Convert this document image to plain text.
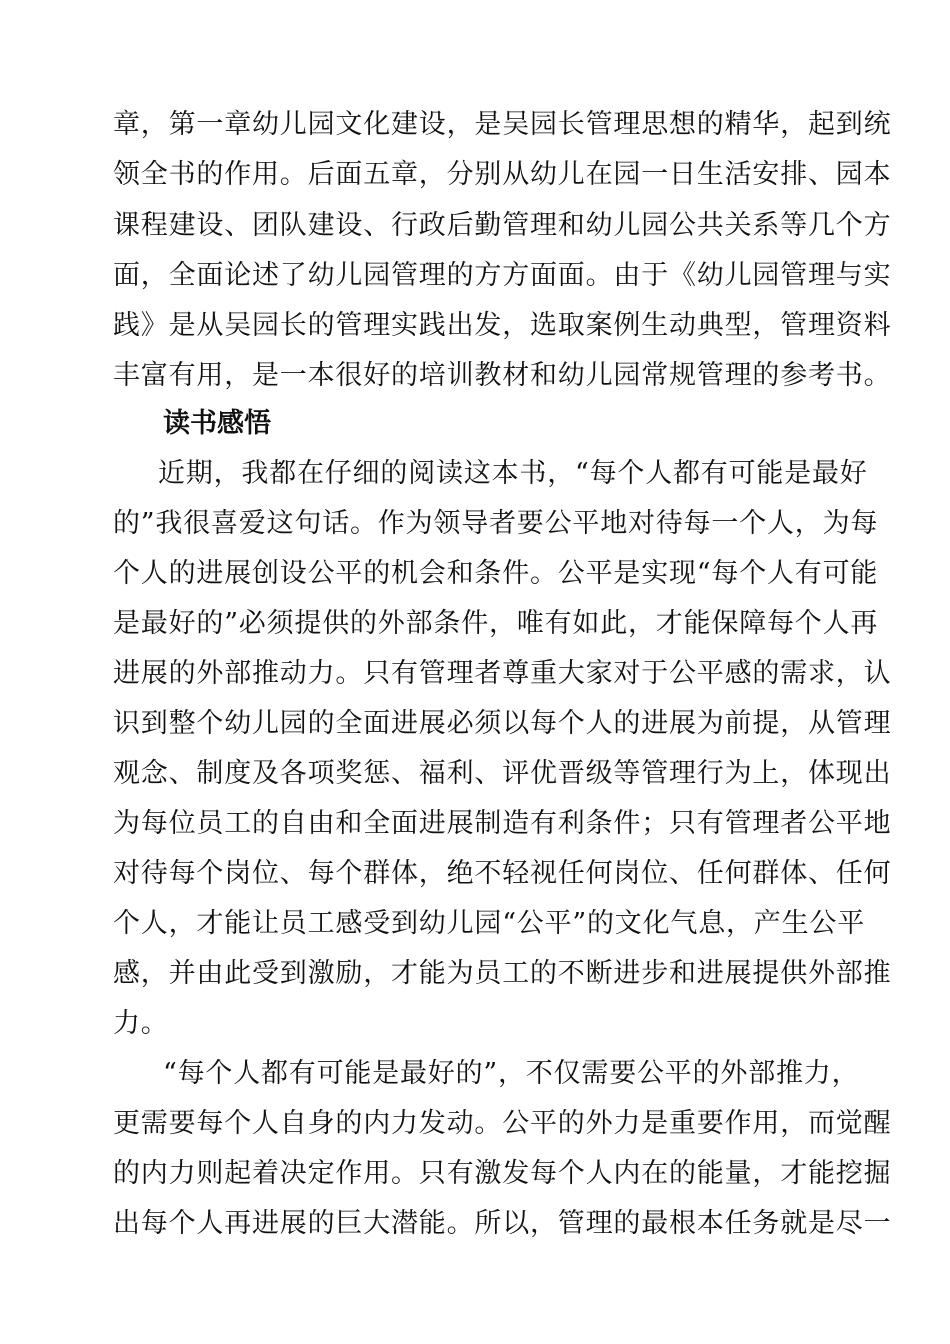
章，第一章幼儿园文化建设，是吴园长管理思想的精华，起到统
领全书的作用。后面五章，分别从幼儿在园一日生活安排、园本
课程建设、团队建设、行政后勤管理和幼儿园公共关系等几个方
面，全面论述了幼儿园管理的方方面面。由于《幼儿园管理与实
践》是从吴园长的管理实践出发，选取案例生动典型，管理资料
丰富有用，是一本很好的培训教材和幼儿园常规管理的参考书。
读书感悟
近期，我都在仔细的阅读这本书，“每个人都有可能是最好
的”我很喜爱这句话。作为领导者要公平地对待每一个人，为每
个人的进展创设公平的机会和条件。公平是实现“每个人有可能
是最好的”必须提供的外部条件，唯有如此，才能保障每个人再
进展的外部推动力。只有管理者尊重大家对于公平感的需求，认
识到整个幼儿园的全面进展必须以每个人的进展为前提，从管理
观念、制度及各项奖惩、福利、评优晋级等管理行为上，体现出
为每位员工的自由和全面进展制造有利条件；只有管理者公平地
对待每个岗位、每个群体，绝不轻视任何岗位、任何群体、任何
个人，才能让员工感受到幼儿园“公平”的文化气息，产生公平
感，并由此受到激励，才能为员工的不断进步和进展提供外部推
力。
“每个人都有可能是最好的”，不仅需要公平的外部推力，
更需要每个人自身的内力发动。公平的外力是重要作用，而觉醒
的内力则起着决定作用。只有激发每个人内在的能量，才能挖掘
出每个人再进展的巨大潜能。所以，管理的最根本任务就是尽一
